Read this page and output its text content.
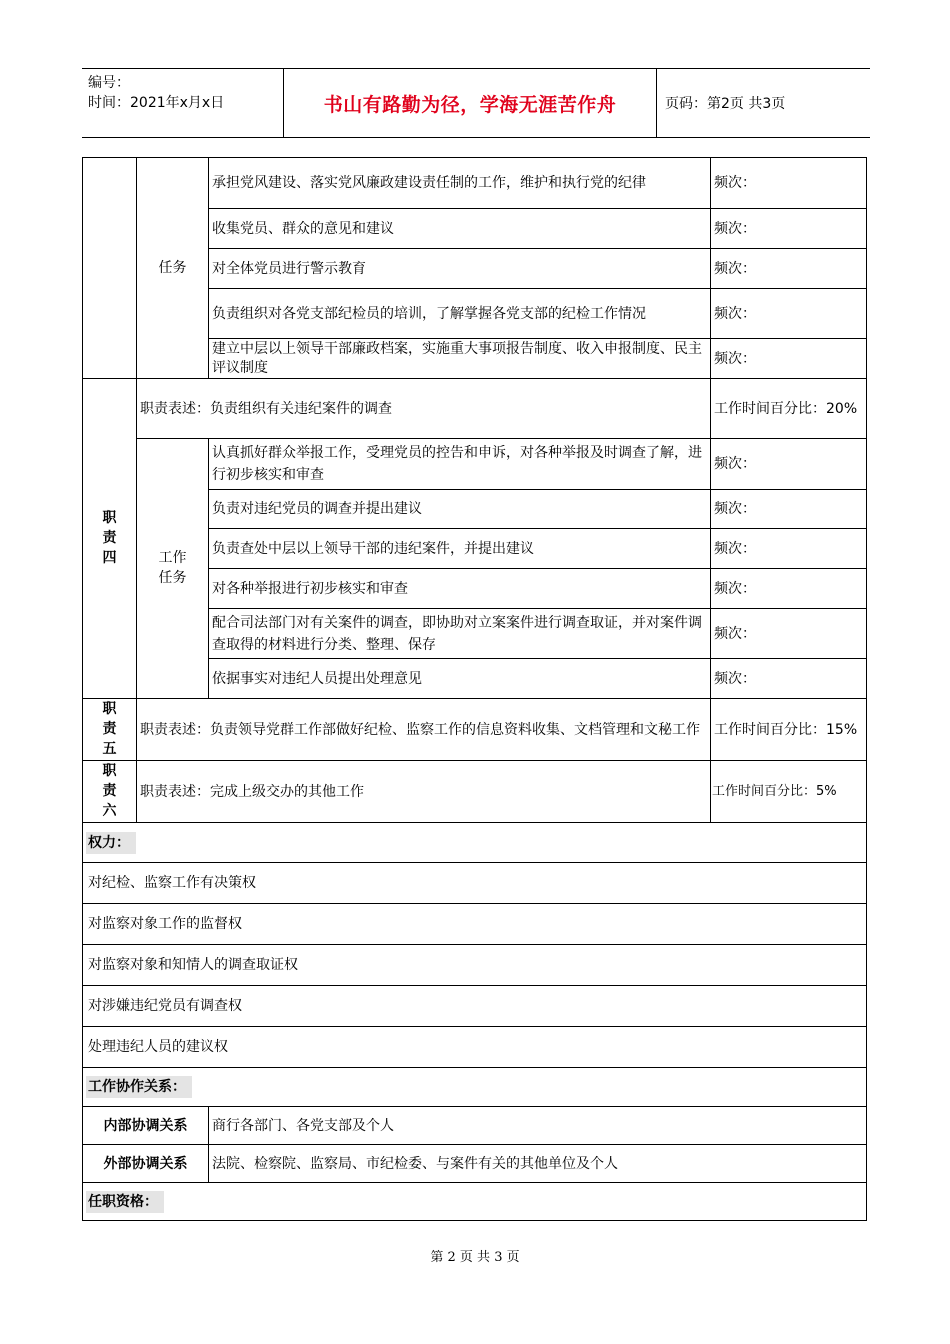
编号：
时间：2021年x月x日	书山有路勤为径，学海无涯苦作舟	页码：第2页 共3页
	任务	承担党风建设、落实党风廉政建设责任制的工作，维护和执行党的纪律	频次：
		收集党员、群众的意见和建议	频次：
		对全体党员进行警示教育	频次：
		负责组织对各党支部纪检员的培训，了解掌握各党支部的纪检工作情况	频次：
		建立中层以上领导干部廉政档案，实施重大事项报告制度、收入申报制度、民主评议制度	频次：
职责四	职责表述：负责组织有关违纪案件的调查		工作时间百分比：20%
	工作任务	认真抓好群众举报工作，受理党员的控告和申诉，对各种举报及时调查了解，进行初步核实和审查	频次：
		负责对违纪党员的调查并提出建议	频次：
		负责查处中层以上领导干部的违纪案件，并提出建议	频次：
		对各种举报进行初步核实和审查	频次：
		配合司法部门对有关案件的调查，即协助对立案案件进行调查取证，并对案件调查取得的材料进行分类、整理、保存	频次：
		依据事实对违纪人员提出处理意见	频次：
职责五	职责表述：负责领导党群工作部做好纪检、监察工作的信息资料收集、文档管理和文秘工作		工作时间百分比：15%
职责六	职责表述：完成上级交办的其他工作		工作时间百分比：5%
权力：			
对纪检、监察工作有决策权			
对监察对象工作的监督权			
对监察对象和知情人的调查取证权			
对涉嫌违纪党员有调查权			
处理违纪人员的建议权			
工作协作关系：			
内部协调关系		商行各部门、各党支部及个人	
外部协调关系		法院、检察院、监察局、市纪检委、与案件有关的其他单位及个人	
任职资格：			
第 2 页 共 3 页
